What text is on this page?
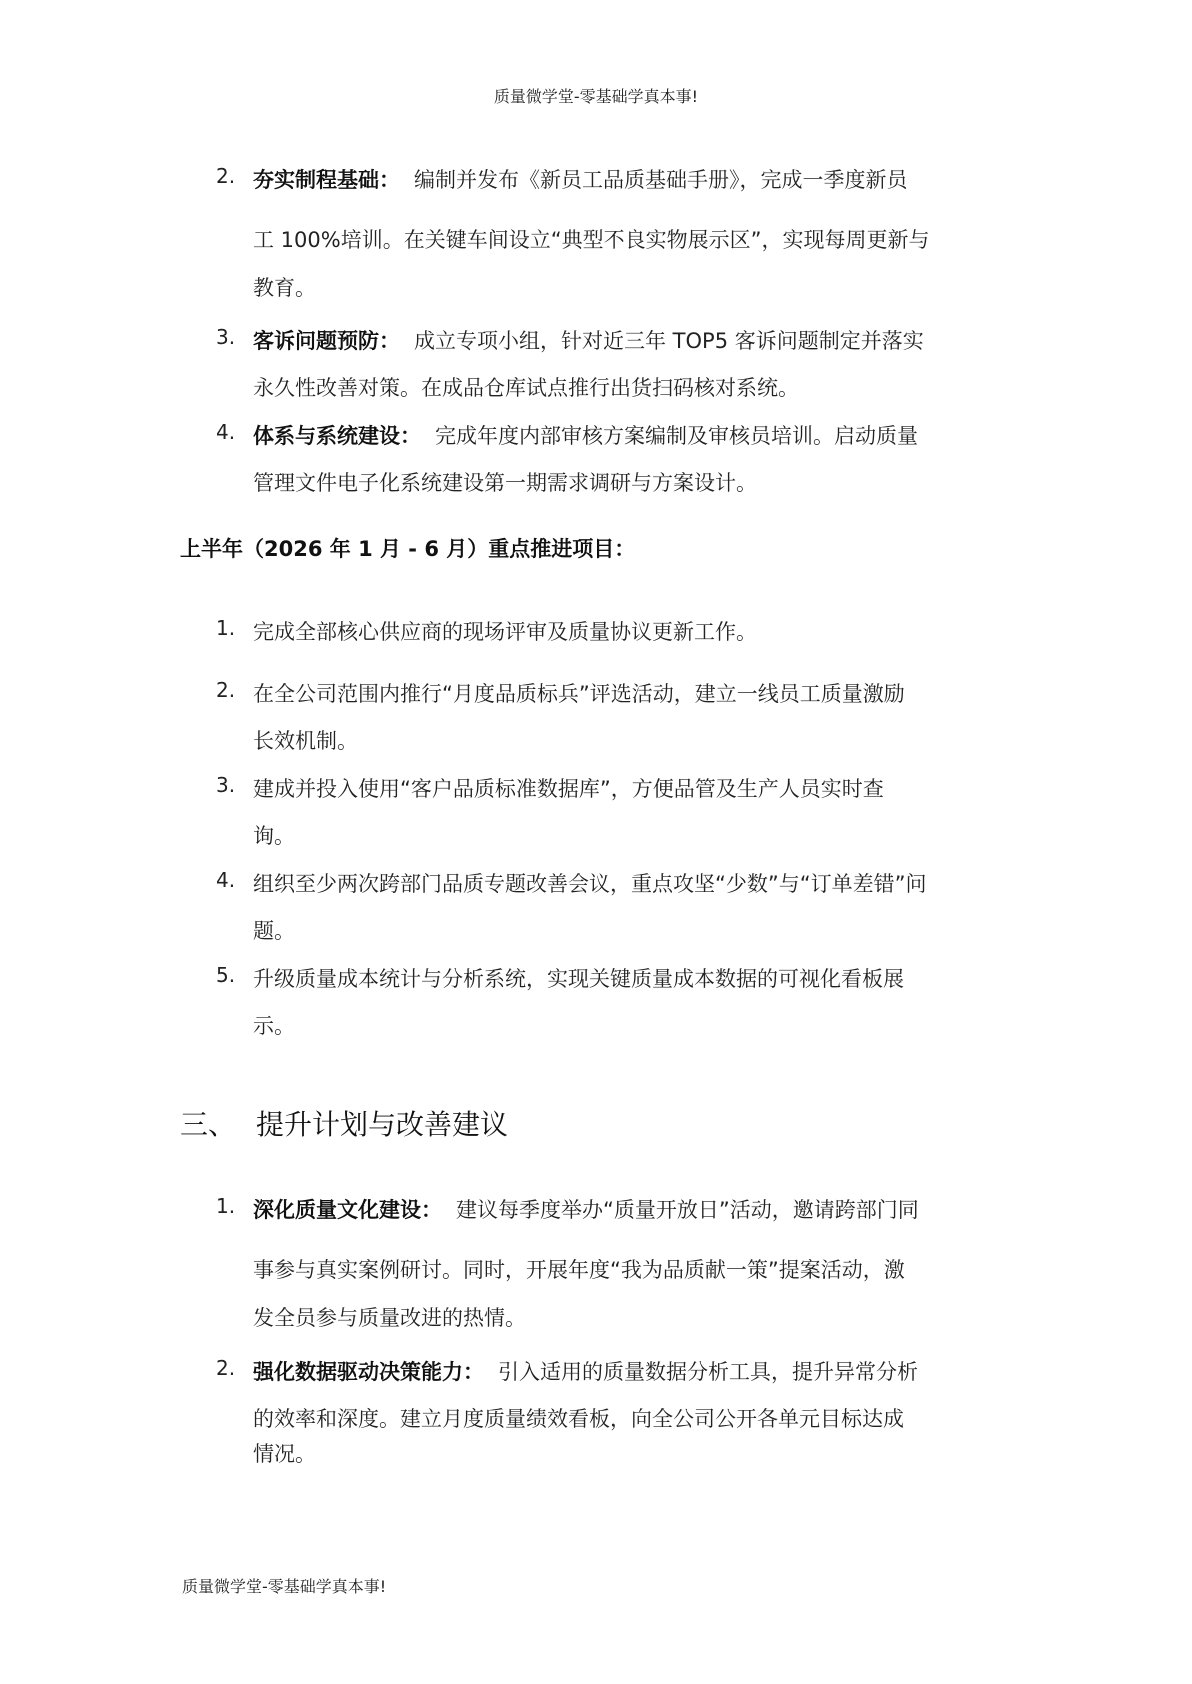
质量微学堂-零基础学真本事!
2. 夯实制程基础： 编制并发布《新员工品质基础手册》，完成一季度新员
工 100%培训。在关键车间设立“典型不良实物展示区”，实现每周更新与
教育。
3. 客诉问题预防： 成立专项小组，针对近三年 TOP5 客诉问题制定并落实
永久性改善对策。在成品仓库试点推行出货扫码核对系统。
4. 体系与系统建设： 完成年度内部审核方案编制及审核员培训。启动质量
管理文件电子化系统建设第一期需求调研与方案设计。
上半年（2026 年 1 月 - 6 月）重点推进项目：
1. 完成全部核心供应商的现场评审及质量协议更新工作。
2. 在全公司范围内推行“月度品质标兵”评选活动，建立一线员工质量激励
长效机制。
3. 建成并投入使用“客户品质标准数据库”，方便品管及生产人员实时查
询。
4. 组织至少两次跨部门品质专题改善会议，重点攻坚“少数”与“订单差错”问
题。
5. 升级质量成本统计与分析系统，实现关键质量成本数据的可视化看板展
示。
三、 提升计划与改善建议
1. 深化质量文化建设： 建议每季度举办“质量开放日”活动，邀请跨部门同
事参与真实案例研讨。同时，开展年度“我为品质献一策”提案活动，激
发全员参与质量改进的热情。
2. 强化数据驱动决策能力： 引入适用的质量数据分析工具，提升异常分析
的效率和深度。建立月度质量绩效看板，向全公司公开各单元目标达成
情况。
质量微学堂-零基础学真本事!
